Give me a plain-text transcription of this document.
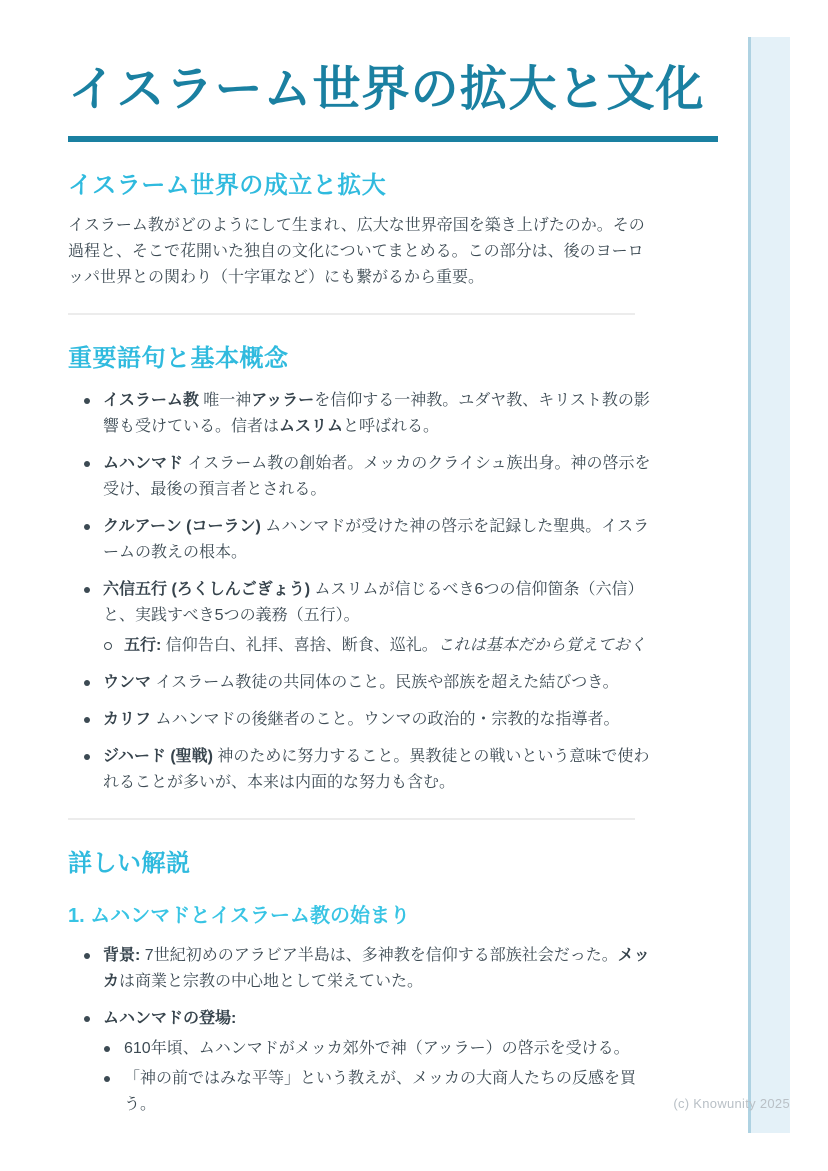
イスラーム世界の拡大と文化
イスラーム世界の成立と拡大

イスラーム教がどのようにして生まれ、広大な世界帝国を築き上げたのか。その過程と、そこで花開いた独自の文化についてまとめる。この部分は、後のヨーロッパ世界との関わり（十字軍など）にも繋がるから重要。

重要語句と基本概念
イスラーム教 唯一神アッラーを信仰する一神教。ユダヤ教、キリスト教の影響も受けている。信者はムスリムと呼ばれる。
ムハンマド イスラーム教の創始者。メッカのクライシュ族出身。神の啓示を受け、最後の預言者とされる。
クルアーン (コーラン) ムハンマドが受けた神の啓示を記録した聖典。イスラームの教えの根本。
六信五行 (ろくしんごぎょう) ムスリムが信じるべき6つの信仰箇条（六信）と、実践すべき5つの義務（五行）。
五行: 信仰告白、礼拝、喜捨、断食、巡礼。これは基本だから覚えておく
ウンマ イスラーム教徒の共同体のこと。民族や部族を超えた結びつき。
カリフ ムハンマドの後継者のこと。ウンマの政治的・宗教的な指導者。
ジハード (聖戦) 神のために努力すること。異教徒との戦いという意味で使われることが多いが、本来は内面的な努力も含む。
詳しい解説
1. ムハンマドとイスラーム教の始まり
背景: 7世紀初めのアラビア半島は、多神教を信仰する部族社会だった。メッカは商業と宗教の中心地として栄えていた。
ムハンマドの登場:
610年頃、ムハンマドがメッカ郊外で神（アッラー）の啓示を受ける。
「神の前ではみな平等」という教えが、メッカの大商人たちの反感を買う。	(c) Knowunity 2025
